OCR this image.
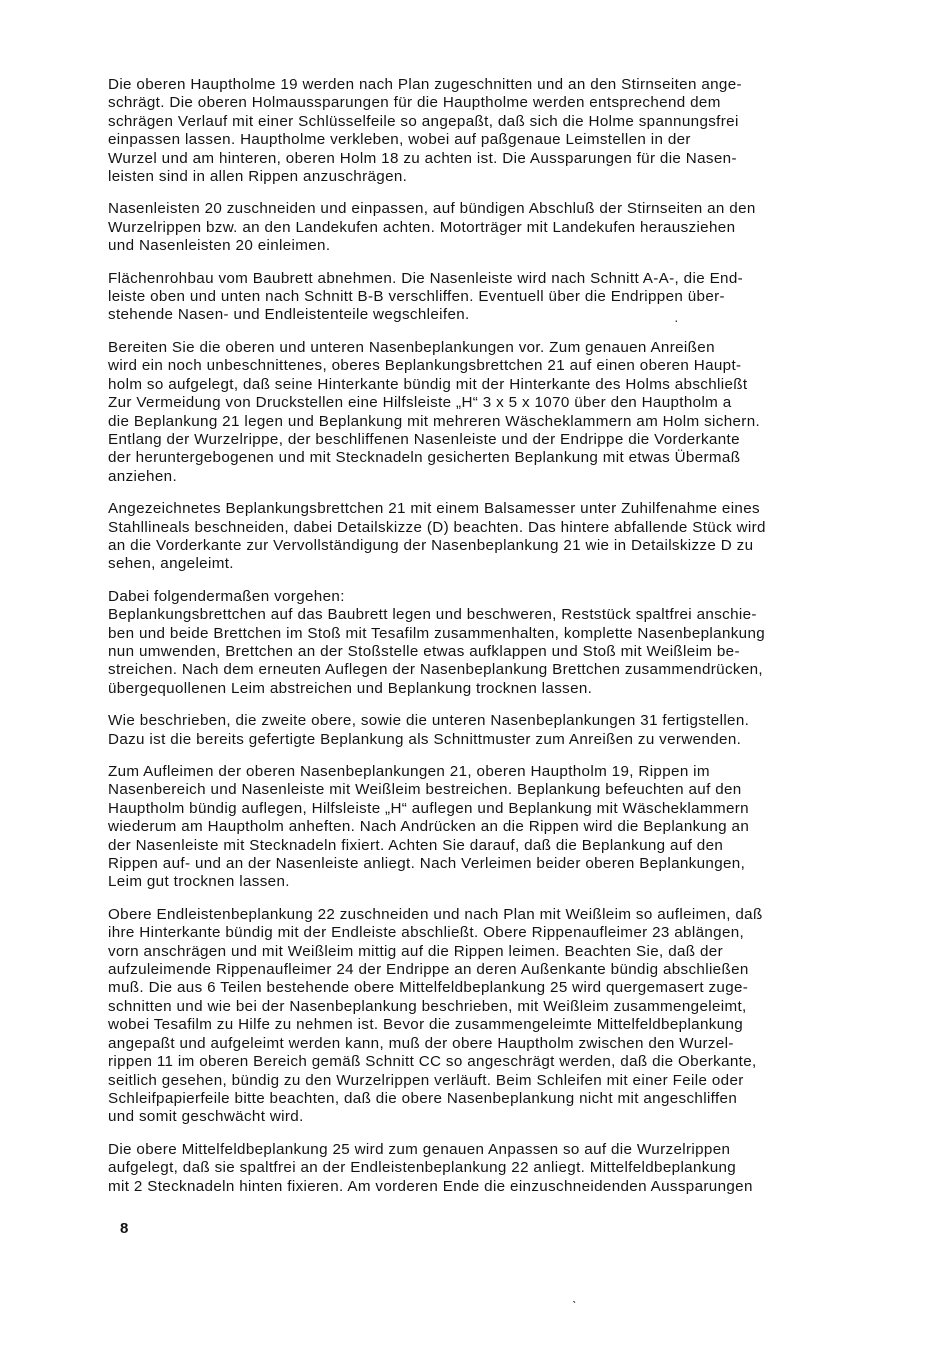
Die oberen Hauptholme 19 werden nach Plan zugeschnitten und an den Stirnseiten ange-
schrägt. Die oberen Holmaussparungen für die Hauptholme werden entsprechend dem
schrägen Verlauf mit einer Schlüsselfeile so angepaßt, daß sich die Holme spannungsfrei
einpassen lassen. Hauptholme verkleben, wobei auf paßgenaue Leimstellen in der
Wurzel und am hinteren, oberen Holm 18 zu achten ist. Die Aussparungen für die Nasen-
leisten sind in allen Rippen anzuschrägen.

Nasenleisten 20 zuschneiden und einpassen, auf bündigen Abschluß der Stirnseiten an den
Wurzelrippen bzw. an den Landekufen achten. Motorträger mit Landekufen herausziehen
und Nasenleisten 20 einleimen.

Flächenrohbau vom Baubrett abnehmen. Die Nasenleiste wird nach Schnitt A-A-, die End-
leiste oben und unten nach Schnitt B-B verschliffen. Eventuell über die Endrippen über-
stehende Nasen- und Endleistenteile wegschleifen.

Bereiten Sie die oberen und unteren Nasenbeplankungen vor. Zum genauen Anreißen
wird ein noch unbeschnittenes, oberes Beplankungsbrettchen 21 auf einen oberen Haupt-
holm so aufgelegt, daß seine Hinterkante bündig mit der Hinterkante des Holms abschließt
Zur Vermeidung von Druckstellen eine Hilfsleiste „H“ 3 x 5 x 1070 über den Hauptholm a
die Beplankung 21 legen und Beplankung mit mehreren Wäscheklammern am Holm sichern.
Entlang der Wurzelrippe, der beschliffenen Nasenleiste und der Endrippe die Vorderkante
der heruntergebogenen und mit Stecknadeln gesicherten Beplankung mit etwas Übermaß
anziehen.

Angezeichnetes Beplankungsbrettchen 21 mit einem Balsamesser unter Zuhilfenahme eines
Stahllineals beschneiden, dabei Detailskizze (D) beachten. Das hintere abfallende Stück wird
an die Vorderkante zur Vervollständigung der Nasenbeplankung 21 wie in Detailskizze D zu
sehen, angeleimt.

Dabei folgendermaßen vorgehen:
Beplankungsbrettchen auf das Baubrett legen und beschweren, Reststück spaltfrei anschie-
ben und beide Brettchen im Stoß mit Tesafilm zusammenhalten, komplette Nasenbeplankung
nun umwenden, Brettchen an der Stoßstelle etwas aufklappen und Stoß mit Weißleim be-
streichen. Nach dem erneuten Auflegen der Nasenbeplankung Brettchen zusammendrücken,
übergequollenen Leim abstreichen und Beplankung trocknen lassen.

Wie beschrieben, die zweite obere, sowie die unteren Nasenbeplankungen 31 fertigstellen.
Dazu ist die bereits gefertigte Beplankung als Schnittmuster zum Anreißen zu verwenden.

Zum Aufleimen der oberen Nasenbeplankungen 21, oberen Hauptholm 19, Rippen im
Nasenbereich und Nasenleiste mit Weißleim bestreichen. Beplankung befeuchten auf den
Hauptholm bündig auflegen, Hilfsleiste „H“ auflegen und Beplankung mit Wäscheklammern
wiederum am Hauptholm anheften. Nach Andrücken an die Rippen wird die Beplankung an
der Nasenleiste mit Stecknadeln fixiert. Achten Sie darauf, daß die Beplankung auf den
Rippen auf- und an der Nasenleiste anliegt. Nach Verleimen beider oberen Beplankungen,
Leim gut trocknen lassen.

Obere Endleistenbeplankung 22 zuschneiden und nach Plan mit Weißleim so aufleimen, daß
ihre Hinterkante bündig mit der Endleiste abschließt. Obere Rippenaufleimer 23 ablängen,
vorn anschrägen und mit Weißleim mittig auf die Rippen leimen. Beachten Sie, daß der
aufzuleimende Rippenaufleimer 24 der Endrippe an deren Außenkante bündig abschließen
muß. Die aus 6 Teilen bestehende obere Mittelfeldbeplankung 25 wird quergemasert zuge-
schnitten und wie bei der Nasenbeplankung beschrieben, mit Weißleim zusammengeleimt,
wobei Tesafilm zu Hilfe zu nehmen ist. Bevor die zusammengeleimte Mittelfeldbeplankung
angepaßt und aufgeleimt werden kann, muß der obere Hauptholm zwischen den Wurzel-
rippen 11 im oberen Bereich gemäß Schnitt CC so angeschrägt werden, daß die Oberkante,
seitlich gesehen, bündig zu den Wurzelrippen verläuft. Beim Schleifen mit einer Feile oder
Schleifpapierfeile bitte beachten, daß die obere Nasenbeplankung nicht mit angeschliffen
und somit geschwächt wird.

Die obere Mittelfeldbeplankung 25 wird zum genauen Anpassen so auf die Wurzelrippen
aufgelegt, daß sie spaltfrei an der Endleistenbeplankung 22 anliegt. Mittelfeldbeplankung
mit 2 Stecknadeln hinten fixieren. Am vorderen Ende die einzuschneidenden Aussparungen

8
·
ˋ
